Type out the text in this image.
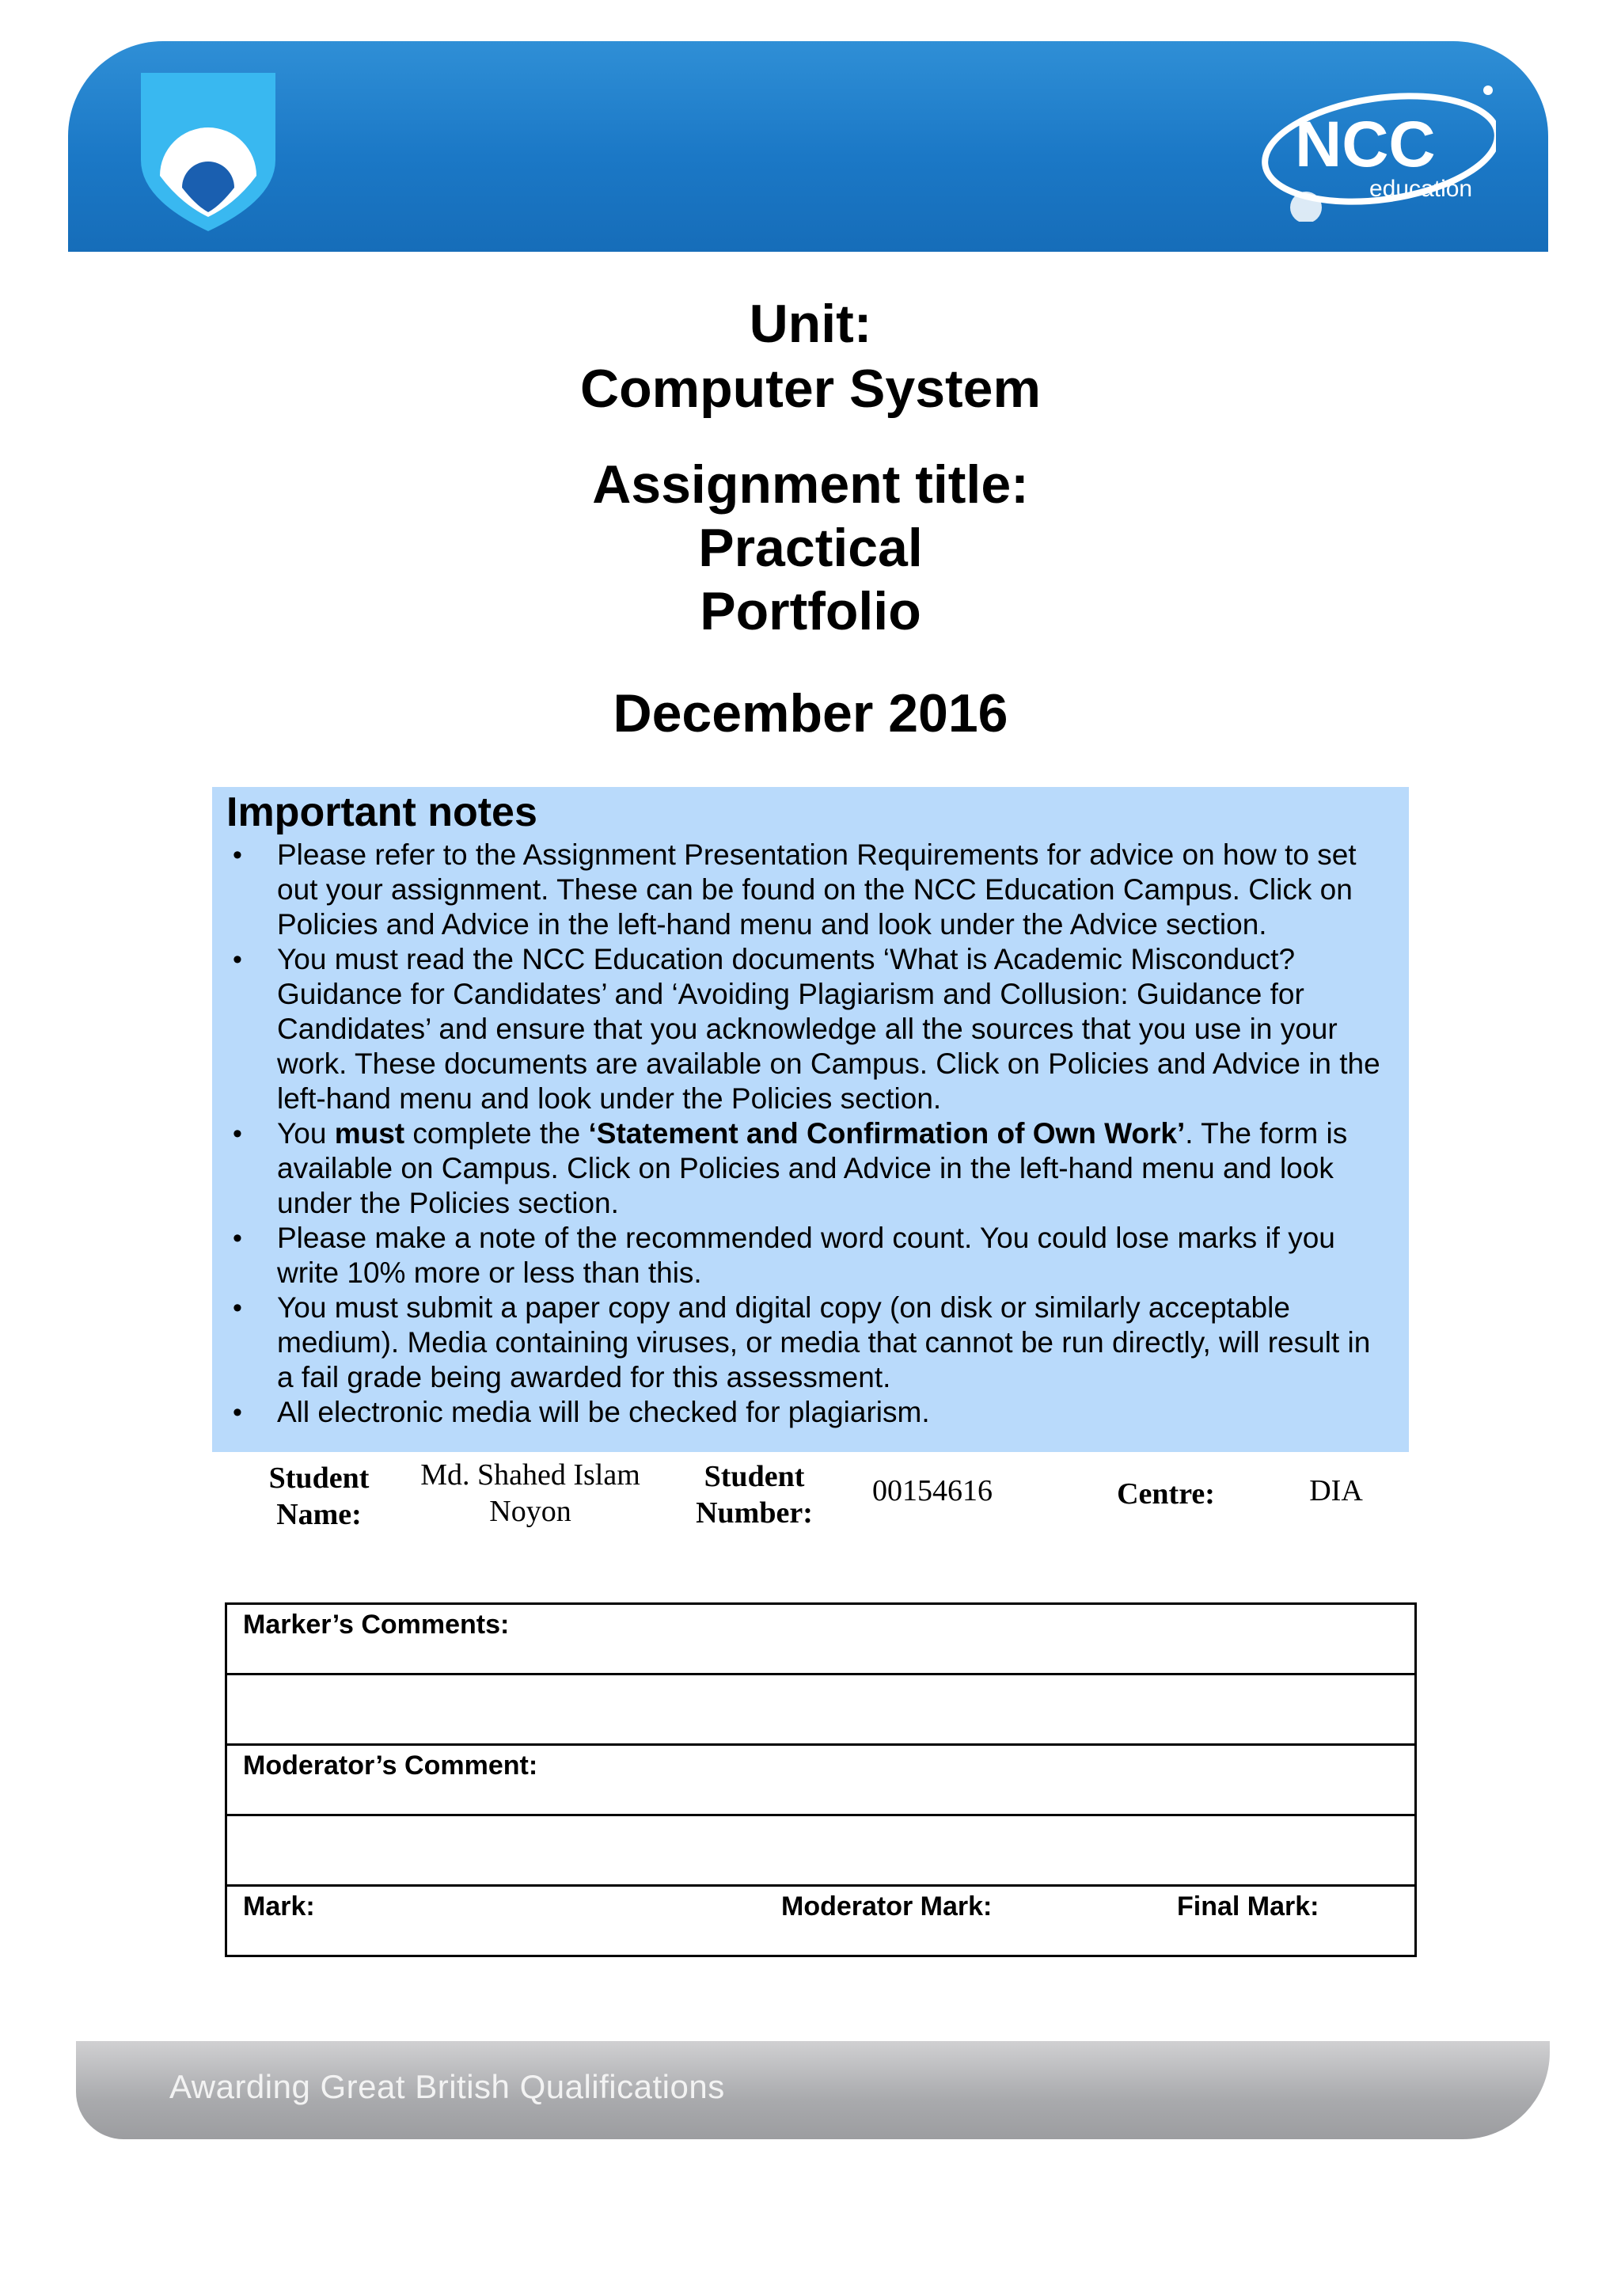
NCC
education
Unit:
Computer System
Assignment title:
Practical
Portfolio
December 2016
Important notes
• Please refer to the Assignment Presentation Requirements for advice on how to set out your assignment. These can be found on the NCC Education Campus. Click on Policies and Advice in the left-hand menu and look under the Advice section.
• You must read the NCC Education documents ‘What is Academic Misconduct? Guidance for Candidates’ and ‘Avoiding Plagiarism and Collusion: Guidance for Candidates’ and ensure that you acknowledge all the sources that you use in your work. These documents are available on Campus. Click on Policies and Advice in the left-hand menu and look under the Policies section.
• You must complete the ‘Statement and Confirmation of Own Work’. The form is available on Campus. Click on Policies and Advice in the left-hand menu and look under the Policies section.
• Please make a note of the recommended word count. You could lose marks if you write 10% more or less than this.
• You must submit a paper copy and digital copy (on disk or similarly acceptable medium). Media containing viruses, or media that cannot be run directly, will result in a fail grade being awarded for this assessment.
• All electronic media will be checked for plagiarism.
Student
Name:
Md. Shahed Islam
Noyon
Student
Number:
00154616	Centre:	DIA
Marker’s Comments:

Moderator’s Comment:

Mark:	Moderator Mark:	Final Mark:
Awarding Great British Qualifications
